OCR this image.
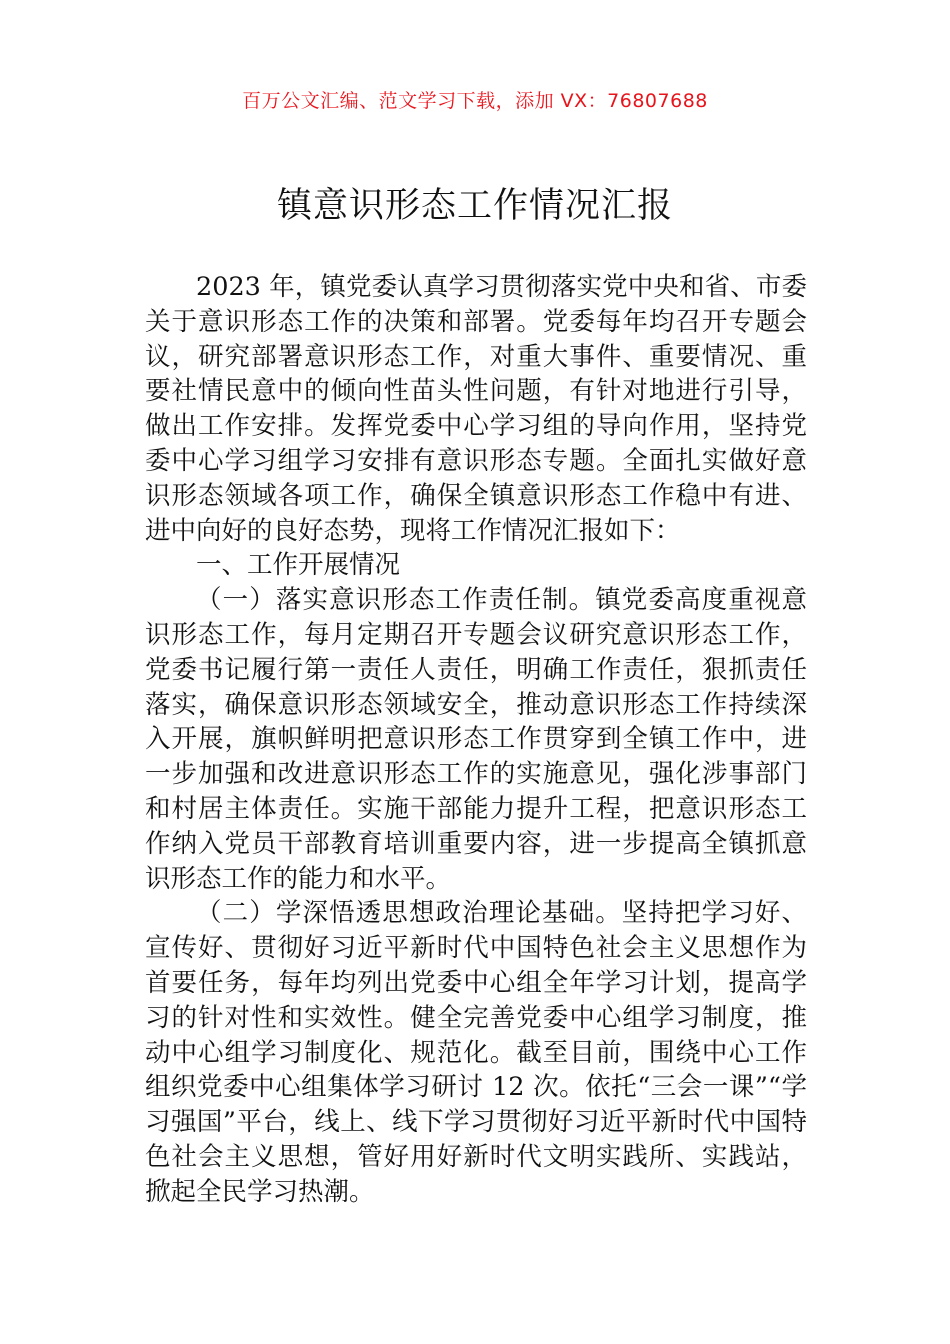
百万公文汇编、范文学习下载，添加 VX：76807688
镇意识形态工作情况汇报

2023 年，镇党委认真学习贯彻落实党中央和省、市委关于意识形态工作的决策和部署。党委每年均召开专题会议，研究部署意识形态工作，对重大事件、重要情况、重要社情民意中的倾向性苗头性问题，有针对地进行引导，做出工作安排。发挥党委中心学习组的导向作用，坚持党委中心学习组学习安排有意识形态专题。全面扎实做好意识形态领域各项工作，确保全镇意识形态工作稳中有进、进中向好的良好态势，现将工作情况汇报如下：

一、工作开展情况

（一）落实意识形态工作责任制。镇党委高度重视意识形态工作，每月定期召开专题会议研究意识形态工作，党委书记履行第一责任人责任，明确工作责任，狠抓责任落实，确保意识形态领域安全，推动意识形态工作持续深入开展，旗帜鲜明把意识形态工作贯穿到全镇工作中，进一步加强和改进意识形态工作的实施意见，强化涉事部门和村居主体责任。实施干部能力提升工程，把意识形态工作纳入党员干部教育培训重要内容，进一步提高全镇抓意识形态工作的能力和水平。

（二）学深悟透思想政治理论基础。坚持把学习好、宣传好、贯彻好习近平新时代中国特色社会主义思想作为首要任务，每年均列出党委中心组全年学习计划，提高学习的针对性和实效性。健全完善党委中心组学习制度，推动中心组学习制度化、规范化。截至目前，围绕中心工作组织党委中心组集体学习研讨 12 次。依托“三会一课”“学习强国”平台，线上、线下学习贯彻好习近平新时代中国特色社会主义思想，管好用好新时代文明实践所、实践站，掀起全民学习热潮。
